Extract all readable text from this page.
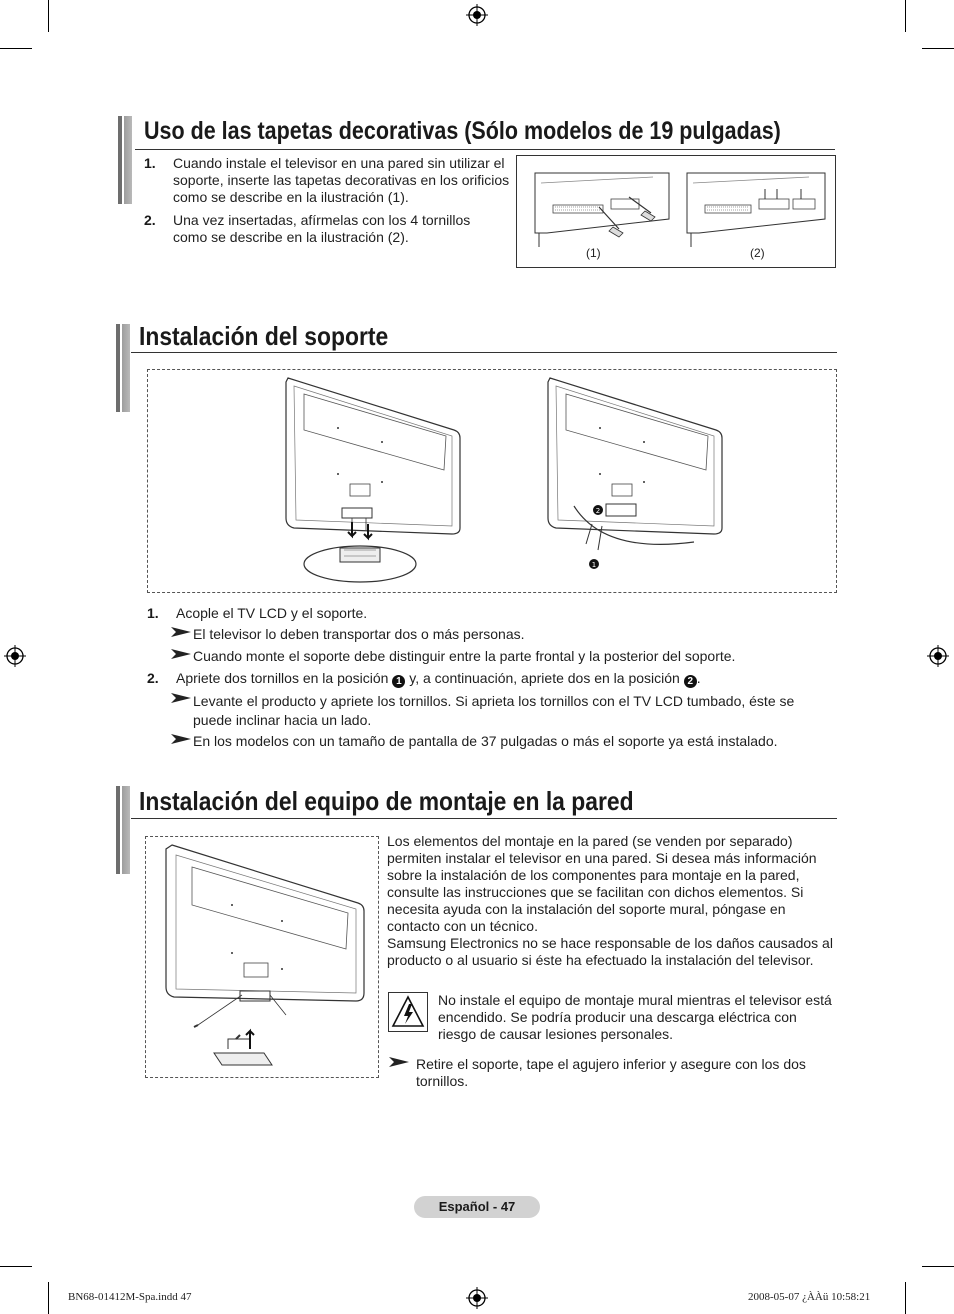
Uso de las tapetas decorativas (Sólo modelos de 19 pulgadas)
1. Cuando instale el televisor en una pared sin utilizar el soporte, inserte las tapetas decorativas en los orificios como se describe en la ilustración (1).
2. Una vez insertadas, afírmelas con los 4 tornillos como se describe en la ilustración (2).
(1)	(2)
Instalación del soporte
2
1
1. Acople el TV LCD y el soporte.
El televisor lo deben transportar dos o más personas.
Cuando monte el soporte debe distinguir entre la parte frontal y la posterior del soporte.
2. Apriete dos tornillos en la posición 1 y, a continuación, apriete dos en la posición 2 .
Levante el producto y apriete los tornillos. Si aprieta los tornillos con el TV LCD tumbado, éste se puede inclinar hacia un lado.
En los modelos con un tamaño de pantalla de 37 pulgadas o más el soporte ya está instalado.
Instalación del equipo de montaje en la pared
Los elementos del montaje en la pared (se venden por separado) permiten instalar el televisor en una pared. Si desea más información sobre la instalación de los componentes para montaje en la pared, consulte las instrucciones que se facilitan con dichos elementos. Si necesita ayuda con la instalación del soporte mural, póngase en contacto con un técnico.
Samsung Electronics no se hace responsable de los daños causados al producto o al usuario si éste ha efectuado la instalación del televisor.
No instale el equipo de montaje mural mientras el televisor está encendido. Se podría producir una descarga eléctrica con riesgo de causar lesiones personales.
Retire el soporte, tape el agujero inferior y asegure con los dos tornillos.
Español - 47
BN68-01412M-Spa.indd 47	2008-05-07 ¿ÀÀü 10:58:21
